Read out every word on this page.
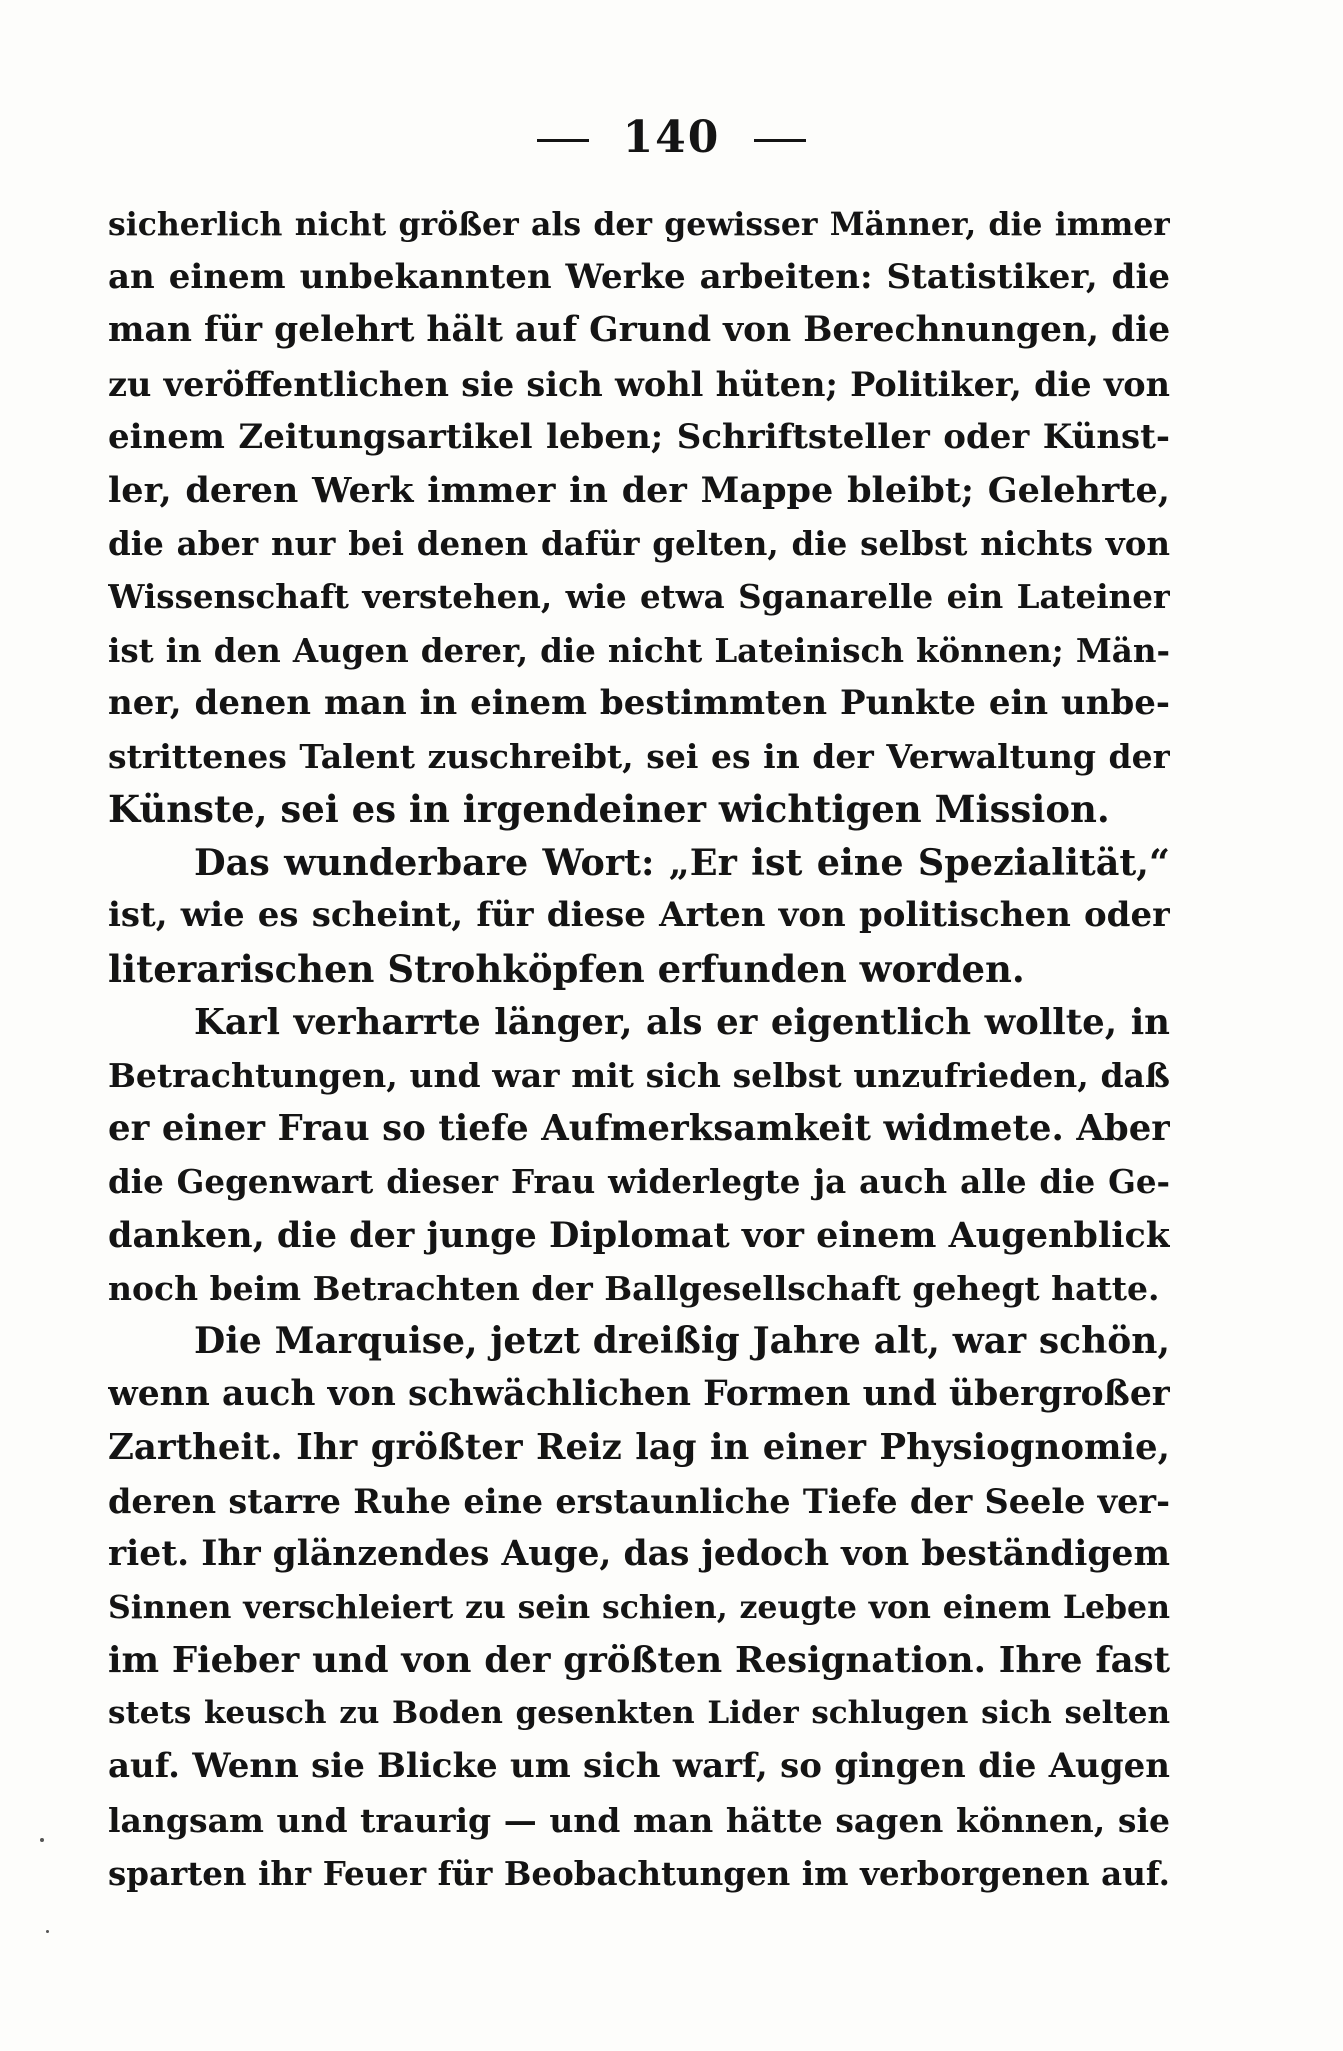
140
sicherlich nicht größer als der gewisser Männer, die immer
an einem unbekannten Werke arbeiten: Statistiker, die
man für gelehrt hält auf Grund von Berechnungen, die
zu veröffentlichen sie sich wohl hüten; Politiker, die von
einem Zeitungsartikel leben; Schriftsteller oder Künst-
ler, deren Werk immer in der Mappe bleibt; Gelehrte,
die aber nur bei denen dafür gelten, die selbst nichts von
Wissenschaft verstehen, wie etwa Sganarelle ein Lateiner
ist in den Augen derer, die nicht Lateinisch können; Män-
ner, denen man in einem bestimmten Punkte ein unbe-
strittenes Talent zuschreibt, sei es in der Verwaltung der
Künste, sei es in irgendeiner wichtigen Mission.
Das wunderbare Wort: „Er ist eine Spezialität,“
ist, wie es scheint, für diese Arten von politischen oder
literarischen Strohköpfen erfunden worden.
Karl verharrte länger, als er eigentlich wollte, in
Betrachtungen, und war mit sich selbst unzufrieden, daß
er einer Frau so tiefe Aufmerksamkeit widmete. Aber
die Gegenwart dieser Frau widerlegte ja auch alle die Ge-
danken, die der junge Diplomat vor einem Augenblick
noch beim Betrachten der Ballgesellschaft gehegt hatte.
Die Marquise, jetzt dreißig Jahre alt, war schön,
wenn auch von schwächlichen Formen und übergroßer
Zartheit. Ihr größter Reiz lag in einer Physiognomie,
deren starre Ruhe eine erstaunliche Tiefe der Seele ver-
riet. Ihr glänzendes Auge, das jedoch von beständigem
Sinnen verschleiert zu sein schien, zeugte von einem Leben
im Fieber und von der größten Resignation. Ihre fast
stets keusch zu Boden gesenkten Lider schlugen sich selten
auf. Wenn sie Blicke um sich warf, so gingen die Augen
langsam und traurig — und man hätte sagen können, sie
sparten ihr Feuer für Beobachtungen im verborgenen auf.
